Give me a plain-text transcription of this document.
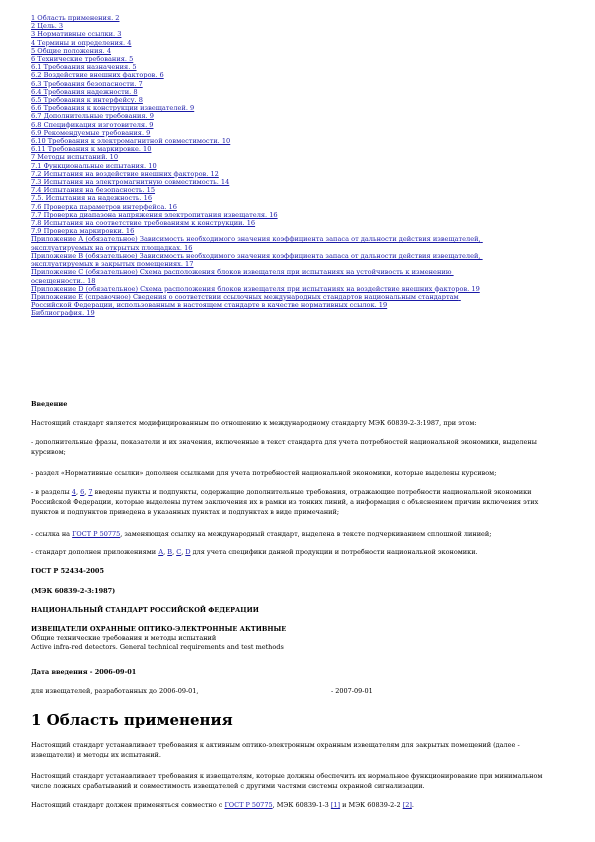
1 Область применения. 2
2 Цель. 3
3 Нормативные ссылки. 3
4 Термины и определения. 4
5 Общие положения. 4
6 Технические требования. 5
6.1 Требования назначения. 5
6.2 Воздействие внешних факторов. 6
6.3 Требования безопасности. 7
6.4 Требования надежности. 8
6.5 Требования к интерфейсу. 8
6.6 Требования к конструкции извещателей. 9
6.7 Дополнительные требования. 9
6.8 Спецификация изготовителя. 9
6.9 Рекомендуемые требования. 9
6.10 Требования к электромагнитной совместимости. 10
6.11 Требования к маркировке. 10
7 Методы испытаний. 10
7.1 Функциональные испытания. 10
7.2 Испытания на воздействие внешних факторов. 12
7.3 Испытания на электромагнитную совместимость. 14
7.4 Испытания на безопасность. 15
7.5. Испытания на надежность. 16
7.6 Проверка параметров интерфейса. 16
7.7 Проверка диапазона напряжения электропитания извещателя. 16
7.8 Испытания на соответствие требованиям к конструкции. 16
7.9 Проверка маркировки. 16
Приложение А (обязательное) Зависимость необходимого значения коэффициента запаса от дальности действия извещателей, эксплуатируемых на открытых площадках. 16
Приложение В (обязательное) Зависимость необходимого значения коэффициента запаса от дальности действия извещателей, эксплуатируемых в закрытых помещениях. 17
Приложение С (обязательное) Схема расположения блоков извещателя при испытаниях на устойчивость к изменению освещенности.. 18
Приложение D (обязательное) Схема расположения блоков извещателя при испытаниях на воздействие внешних факторов. 19
Приложение Е (справочное) Сведения о соответствии ссылочных международных стандартов национальным стандартам Российской Федерации, использованным в настоящем стандарте в качестве нормативных ссылок. 19
Библиография. 19

Введение

Настоящий стандарт является модифицированным по отношению к международному стандарту МЭК 60839-2-3:1987, при этом:

- дополнительные фразы, показатели и их значения, включенные в текст стандарта для учета потребностей национальной экономики, выделены курсивом;

- раздел «Нормативные ссылки» дополнен ссылками для учета потребностей национальной экономики, которые выделены курсивом;

- в разделы 4, 6, 7 введены пункты и подпункты, содержащие дополнительные требования, отражающие потребности национальной экономики Российской Федерации, которые выделены путем заключения их в рамки из тонких линий, а информация с объяснением причин включения этих пунктов и подпунктов приведена в указанных пунктах и подпунктах в виде примечаний;

- ссылка на ГОСТ Р 50775, заменяющая ссылку на международный стандарт, выделена в тексте подчеркиванием сплошной линией;

- стандарт дополнен приложениями А, В, С, D для учета специфики данной продукции и потребности национальной экономики.

ГОСТ Р 52434-2005

(МЭК 60839-2-3:1987)

НАЦИОНАЛЬНЫЙ СТАНДАРТ РОССИЙСКОЙ ФЕДЕРАЦИИ

ИЗВЕЩАТЕЛИ ОХРАННЫЕ ОПТИКО-ЭЛЕКТРОННЫЕ АКТИВНЫЕ

Общие технические требования и методы испытаний

Active infra-red detectors. General technical requirements and test methods

Дата введения - 2006-09-01

для извещателей, разработанных до 2006-09-01,	- 2007-09-01

1 Область применения

Настоящий стандарт устанавливает требования к активным оптико-электронным охранным извещателям для закрытых помещений (далее - извещатели) и методы их испытаний.

Настоящий стандарт устанавливает требования к извещателям, которые должны обеспечить их нормальное функционирование при минимальном числе ложных срабатываний и совместимость извещателей с другими частями системы охранной сигнализации.

Настоящий стандарт должен применяться совместно с ГОСТ Р 50775, МЭК 60839-1-3 [1] и МЭК 60839-2-2 [2].
